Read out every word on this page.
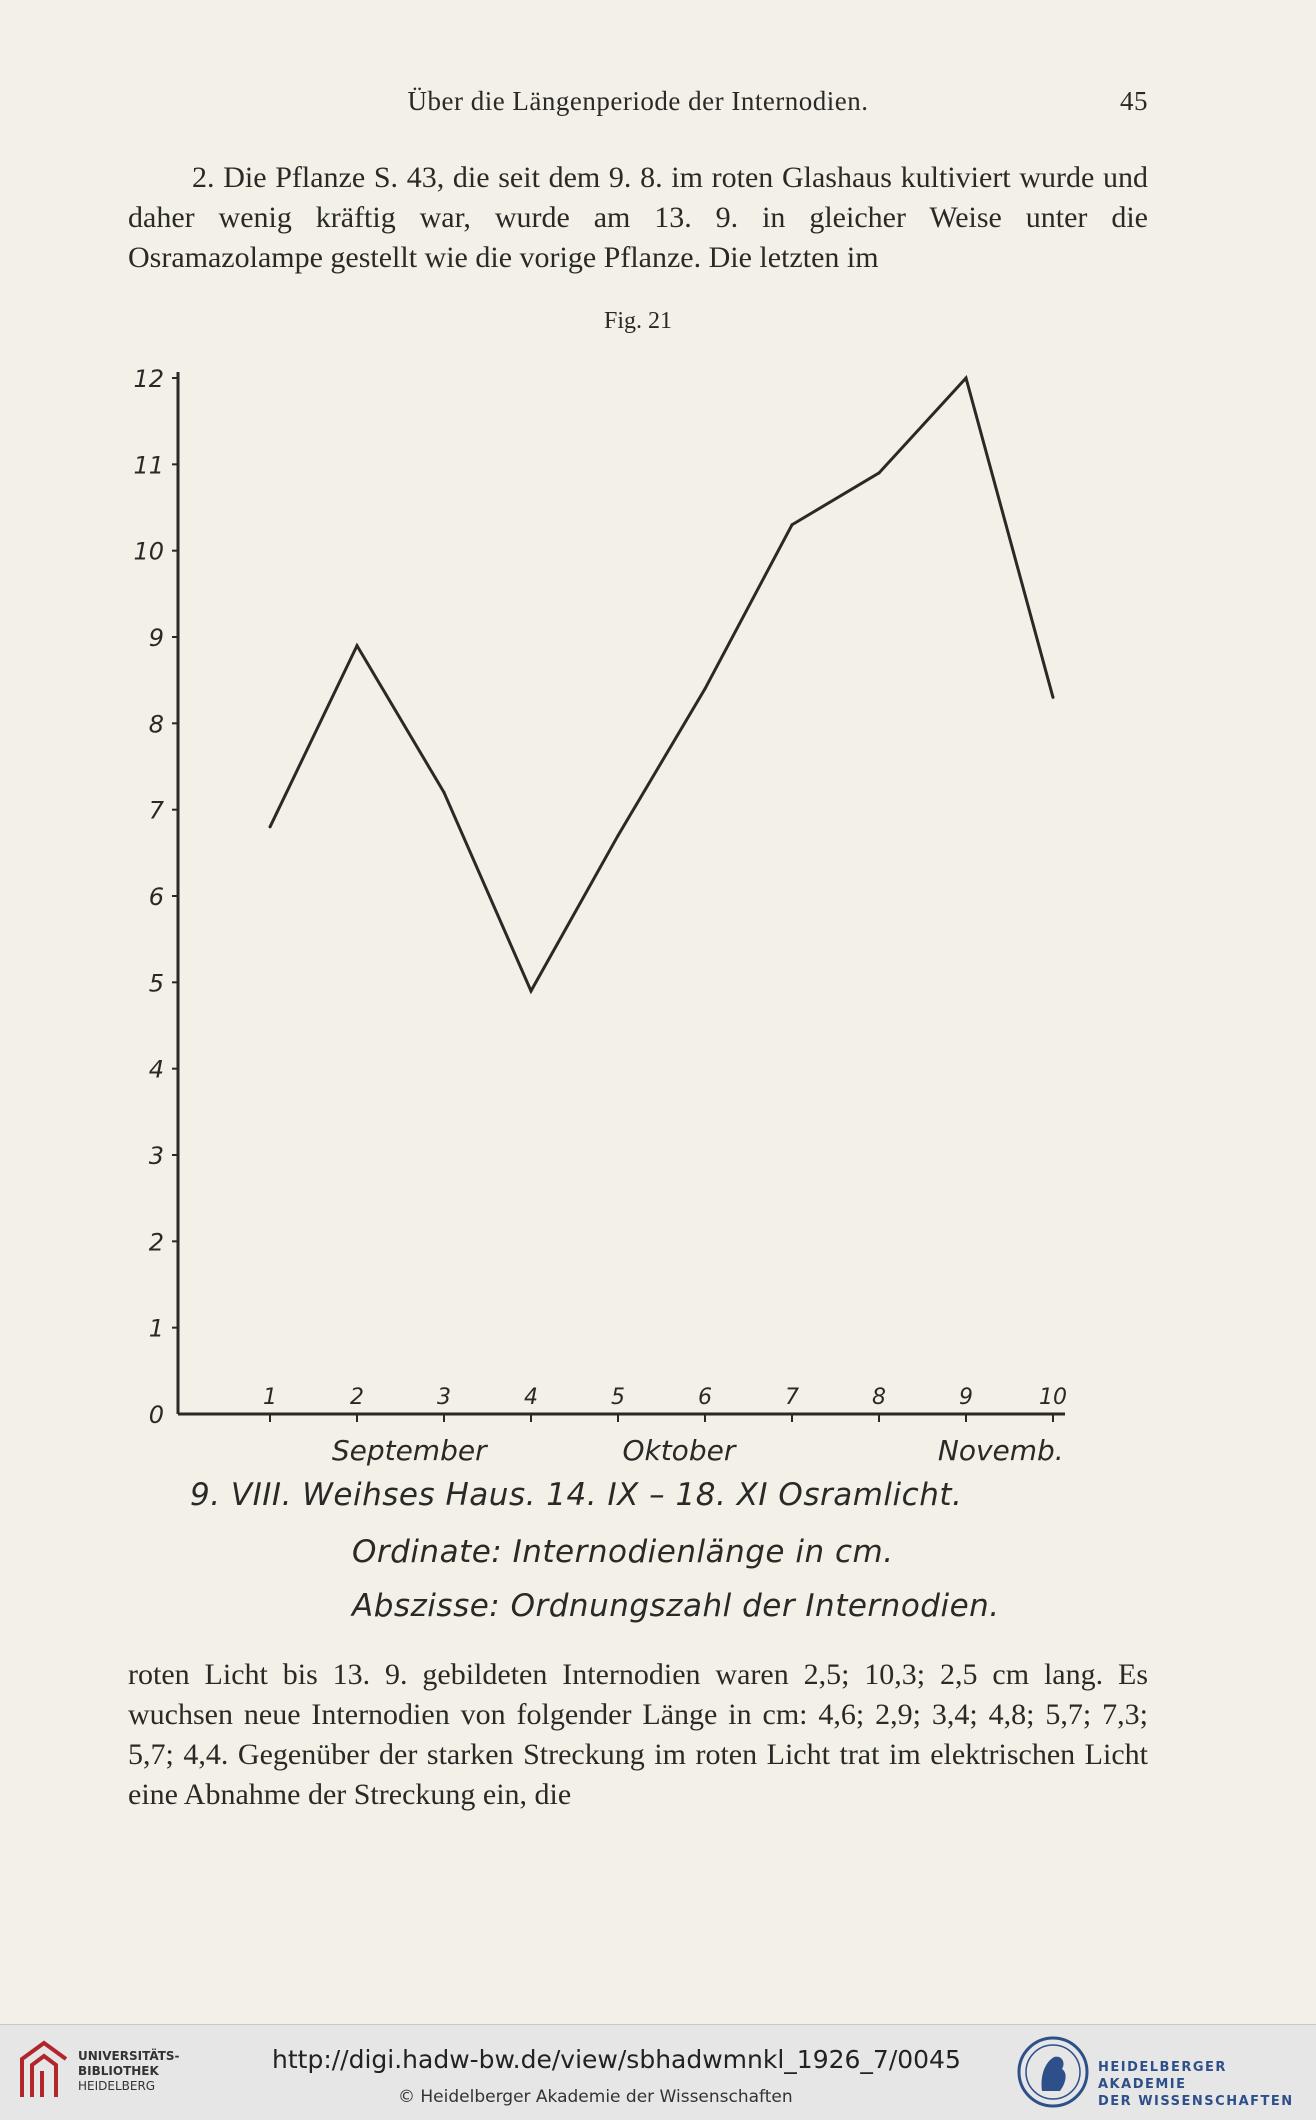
Über die Längenperiode der Internodien.	45

2. Die Pflanze S. 43, die seit dem 9. 8. im roten Glashaus kultiviert wurde und daher wenig kräftig war, wurde am 13. 9. in gleicher Weise unter die Osramazolampe gestellt wie die vorige Pflanze. Die letzten im

Fig. 21
0
1
2
3
4
5
6
7
8
9
10
11
12
1	2	3	4	5	6	7	8	9	10
September	Oktober	Novemb.
9. VIII. Weihses Haus. 14. IX – 18. XI Osramlicht.
Ordinate: Internodienlänge in cm.
Abszisse: Ordnungszahl der Internodien.

roten Licht bis 13. 9. gebildeten Internodien waren 2,5; 10,3; 2,5 cm lang. Es wuchsen neue Internodien von folgender Länge in cm: 4,6; 2,9; 3,4; 4,8; 5,7; 7,3; 5,7; 4,4. Gegenüber der starken Streckung im roten Licht trat im elektrischen Licht eine Abnahme der Streckung ein, die

UNIVERSITÄTS-
BIBLIOTHEK
HEIDELBERG
http://digi.hadw-bw.de/view/sbhadwmnkl_1926_7/0045
© Heidelberger Akademie der Wissenschaften
HEIDELBERGER AKADEMIE
DER WISSENSCHAFTEN
